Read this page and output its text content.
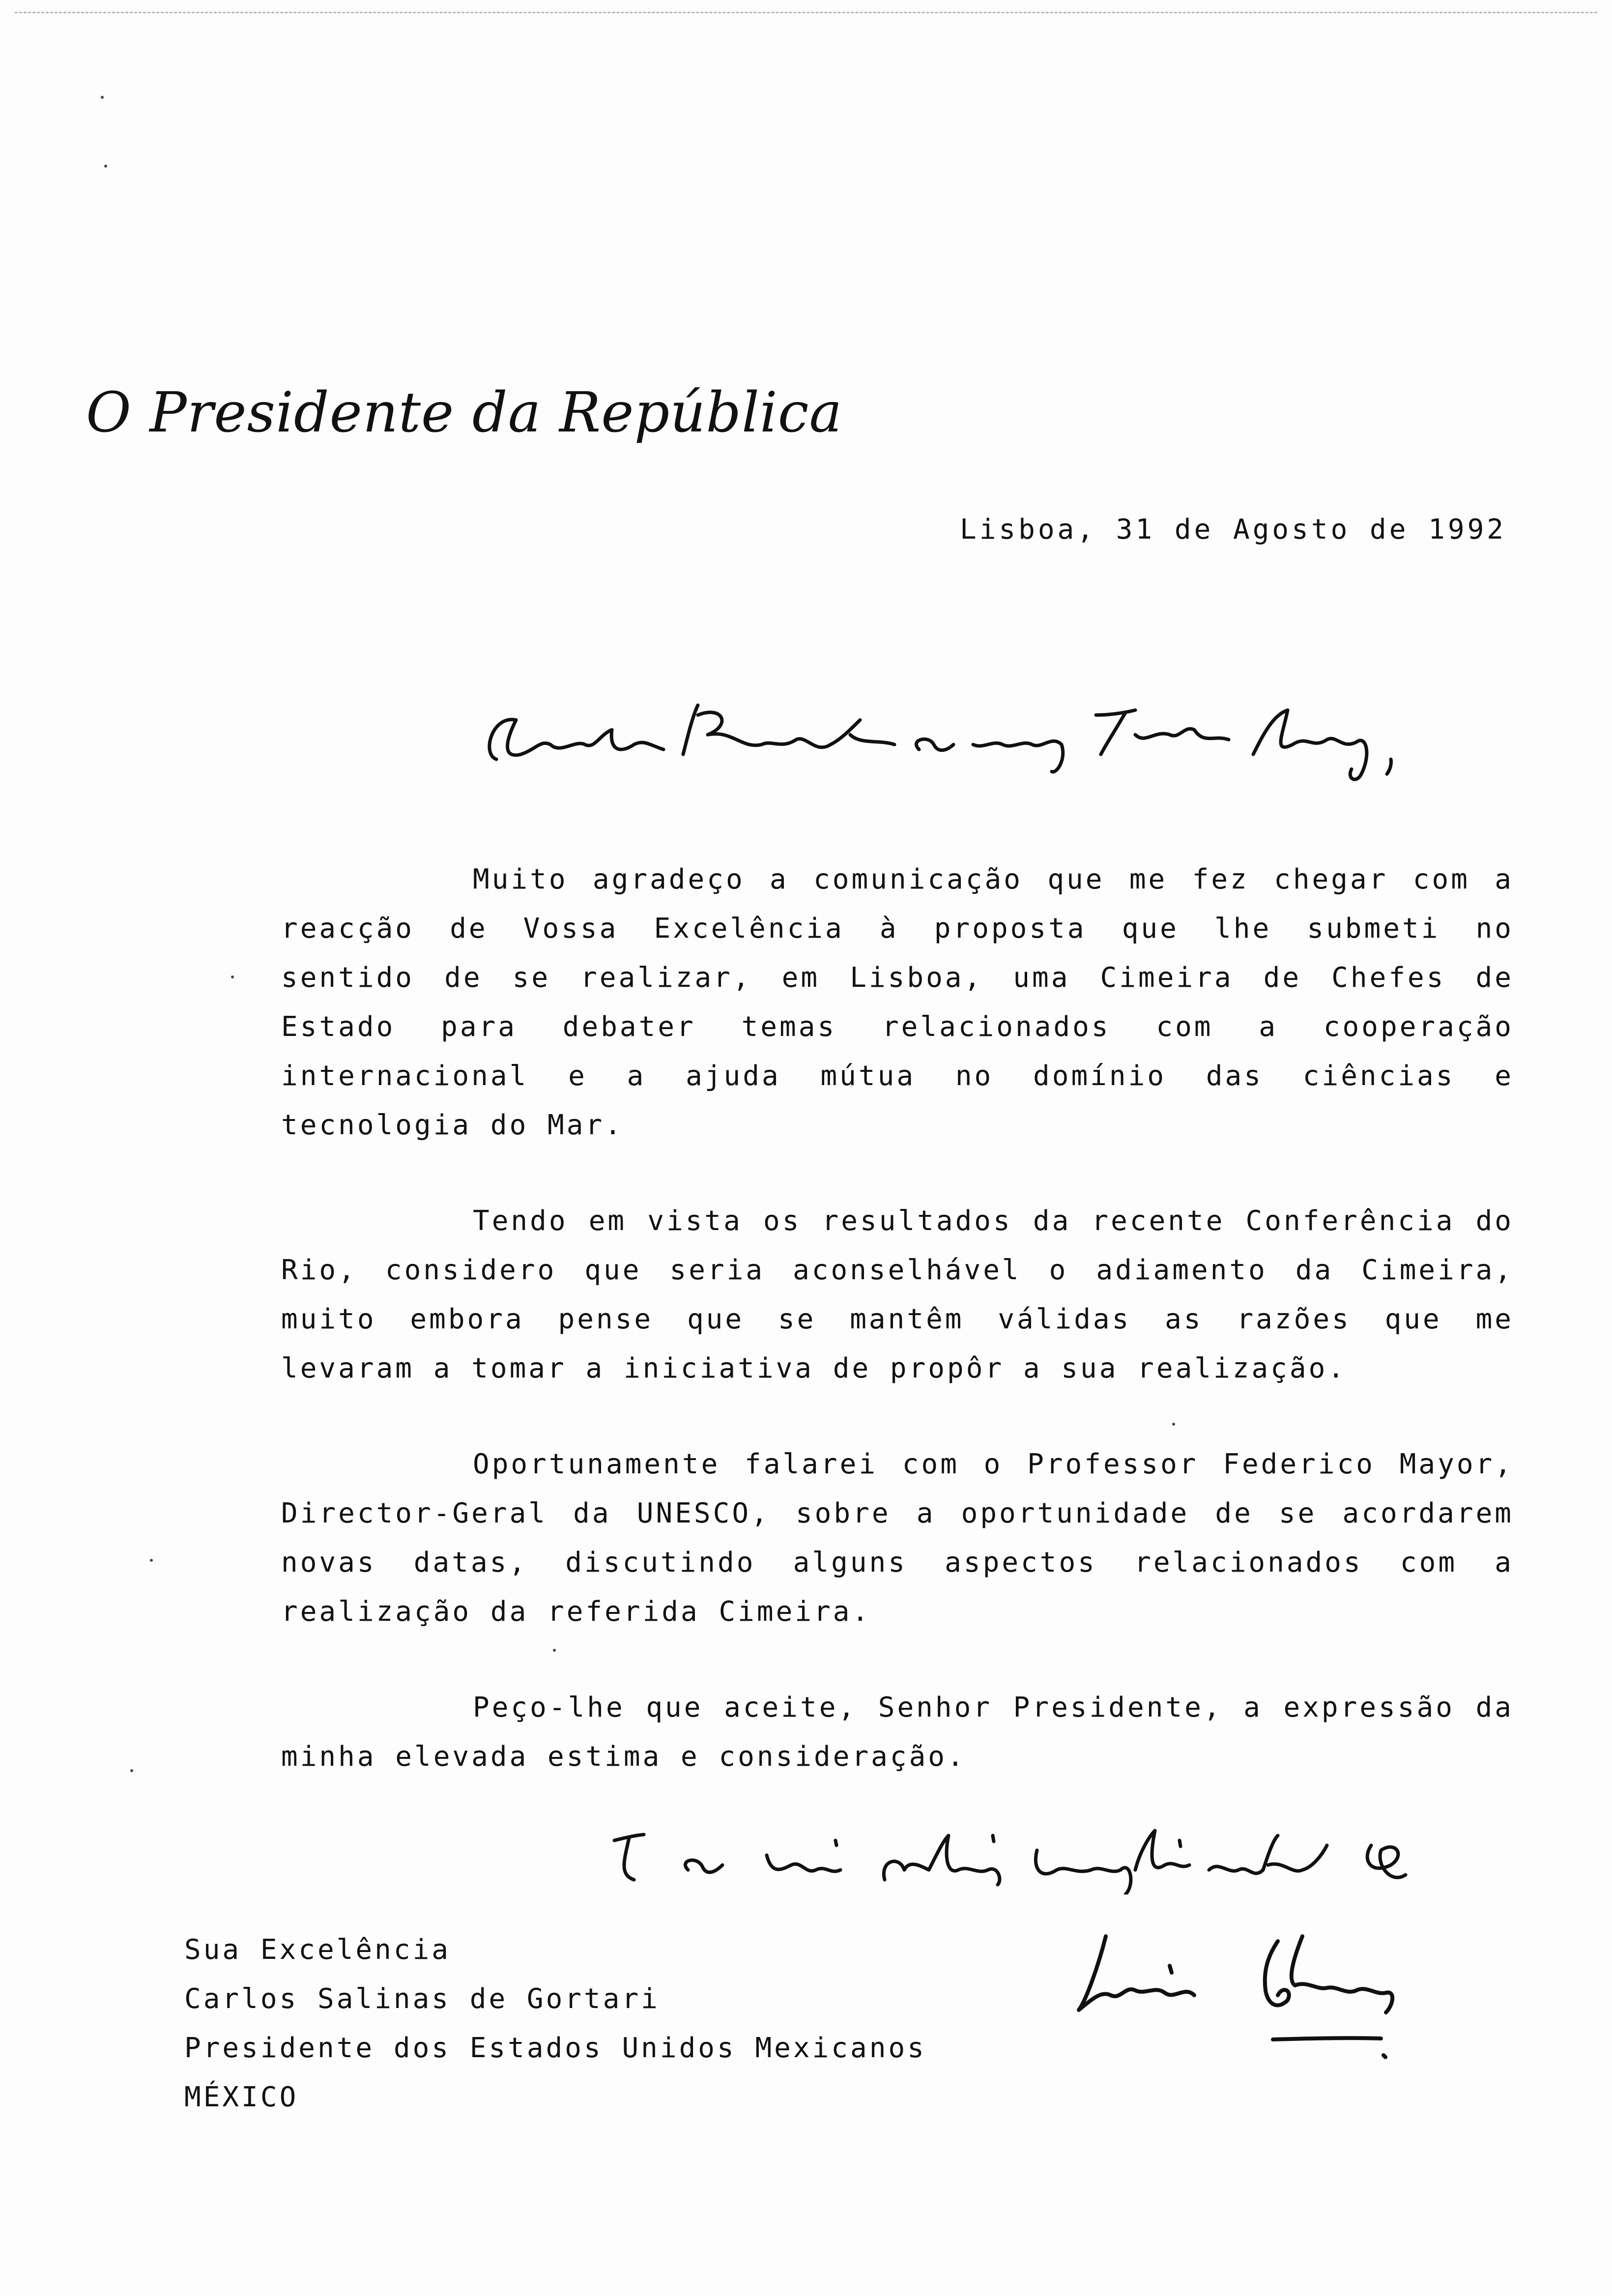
O Presidente da República
Lisboa, 31 de Agosto de 1992
Muito agradeço a comunicação que me fez chegar com a reacção de Vossa Excelência à proposta que lhe submeti no sentido de se realizar, em Lisboa, uma Cimeira de Chefes de Estado para debater temas relacionados com a cooperação internacional e a ajuda mútua no domínio das ciências e tecnologia do Mar.
Tendo em vista os resultados da recente Conferência do Rio, considero que seria aconselhável o adiamento da Cimeira, muito embora pense que se mantêm válidas as razões que me levaram a tomar a iniciativa de propôr a sua realização.
Oportunamente falarei com o Professor Federico Mayor, Director-Geral da UNESCO, sobre a oportunidade de se acordarem novas datas, discutindo alguns aspectos relacionados com a realização da referida Cimeira.
Peço-lhe que aceite, Senhor Presidente, a expressão da minha elevada estima e consideração.
Sua Excelência
Carlos Salinas de Gortari
Presidente dos Estados Unidos Mexicanos
MÉXICO
